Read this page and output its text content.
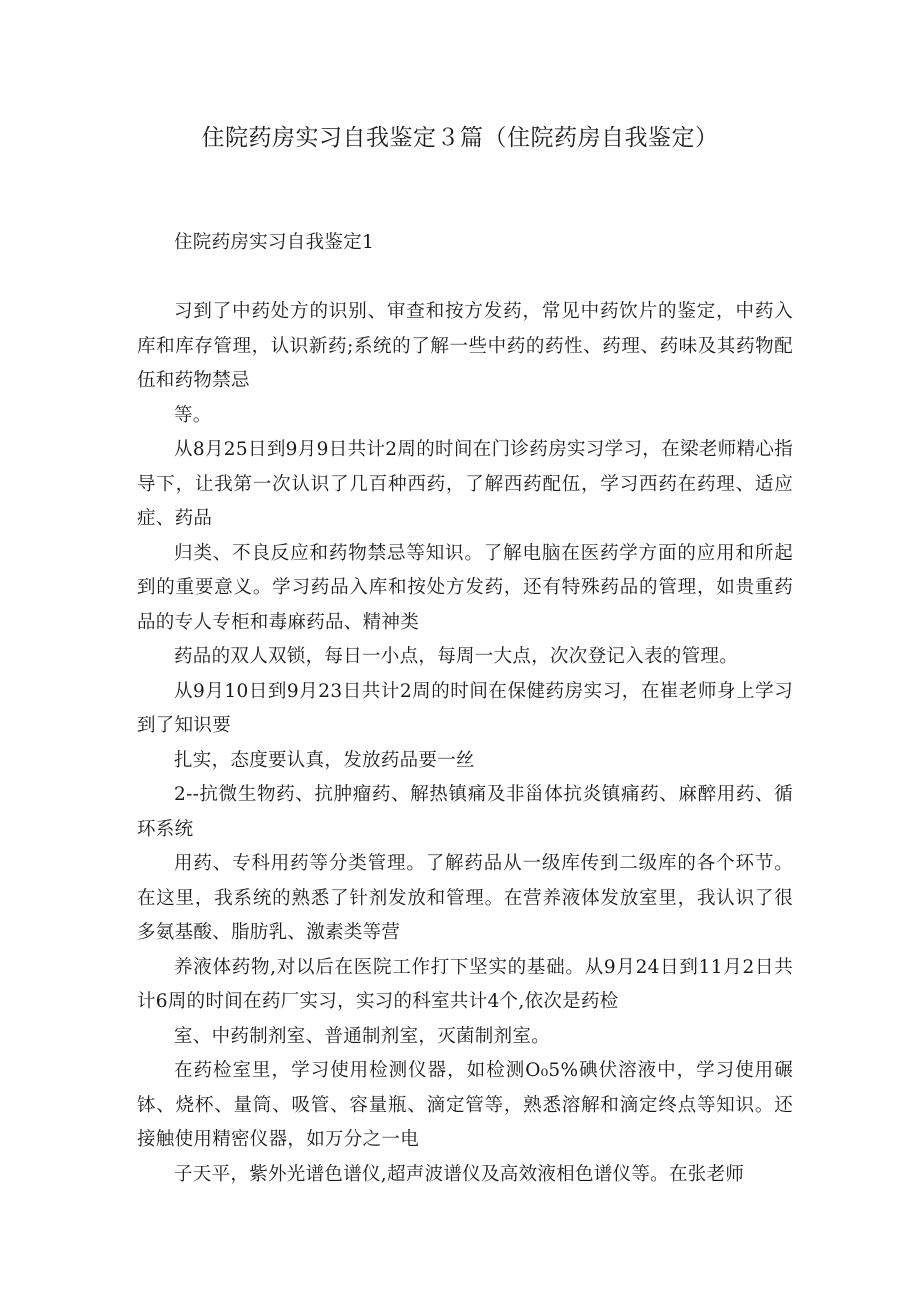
住院药房实习自我鉴定３篇（住院药房自我鉴定）

住院药房实习自我鉴定1

习到了中药处方的识别、审查和按方发药，常见中药饮片的鉴定，中药入库和库存管理，认识新药;系统的了解一些中药的药性、药理、药味及其药物配伍和药物禁忌

等。

从8月25日到9月9日共计2周的时间在门诊药房实习学习，在梁老师精心指导下，让我第一次认识了几百种西药，了解西药配伍，学习西药在药理、适应症、药品

归类、不良反应和药物禁忌等知识。了解电脑在医药学方面的应用和所起到的重要意义。学习药品入库和按处方发药，还有特殊药品的管理，如贵重药品的专人专柜和毒麻药品、精神类

药品的双人双锁，每日一小点，每周一大点，次次登记入表的管理。

从9月10日到9月23日共计2周的时间在保健药房实习，在崔老师身上学习到了知识要

扎实，态度要认真，发放药品要一丝

2--抗微生物药、抗肿瘤药、解热镇痛及非甾体抗炎镇痛药、麻醉用药、循环系统

用药、专科用药等分类管理。了解药品从一级库传到二级库的各个环节。在这里，我系统的熟悉了针剂发放和管理。在营养液体发放室里，我认识了很多氨基酸、脂肪乳、激素类等营

养液体药物,对以后在医院工作打下坚实的基础。从9月24日到11月2日共计6周的时间在药厂实习，实习的科室共计4个,依次是药检

室、中药制剂室、普通制剂室，灭菌制剂室。

在药检室里，学习使用检测仪器，如检测O₀5%碘伏溶液中，学习使用碾钵、烧杯、量筒、吸管、容量瓶、滴定管等，熟悉溶解和滴定终点等知识。还接触使用精密仪器，如万分之一电

子天平，紫外光谱色谱仪,超声波谱仪及高效液相色谱仪等。在张老师
